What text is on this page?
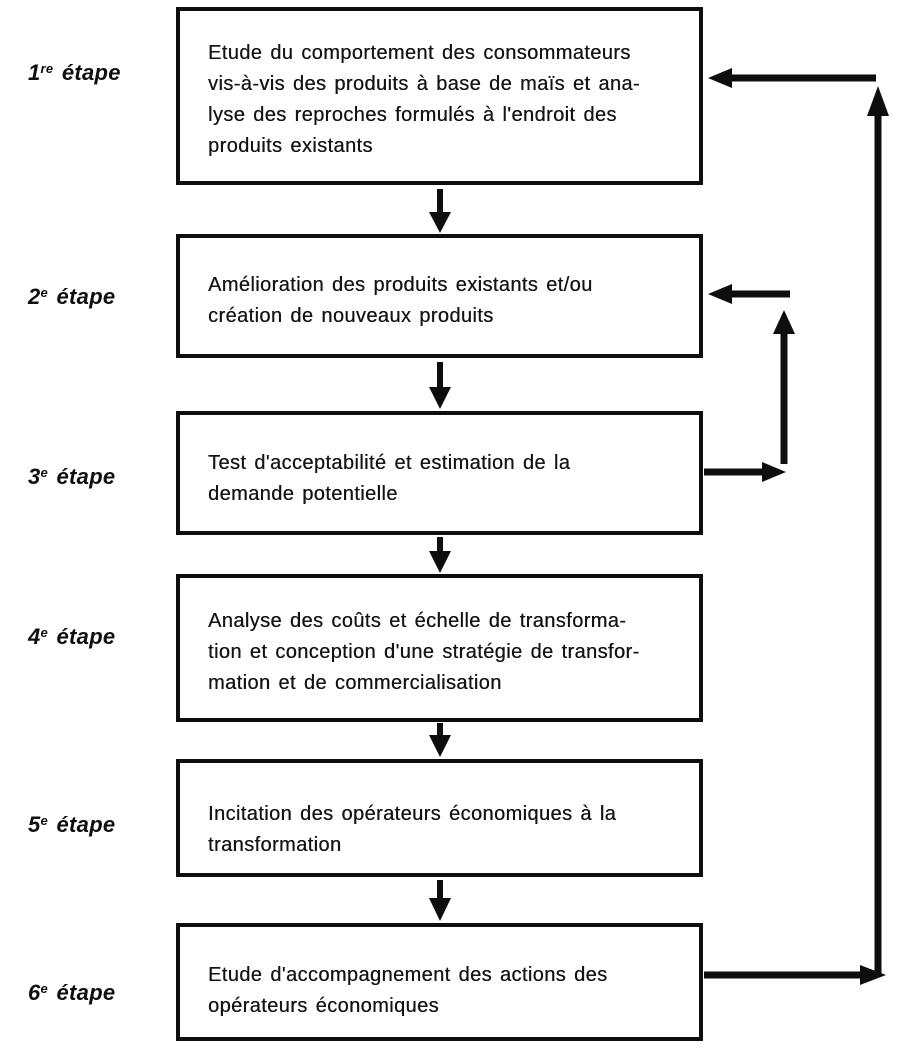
1re étape
2e étape
3e étape
4e étape
5e étape
6e étape
Etude du comportement des consommateurs
vis-à-vis des produits à base de maïs et ana-
lyse des reproches formulés à l'endroit des
produits existants
Amélioration des produits existants et/ou
création de nouveaux produits
Test d'acceptabilité et estimation de la
demande potentielle
Analyse des coûts et échelle de transforma-
tion et conception d'une stratégie de transfor-
mation et de commercialisation
Incitation des opérateurs économiques à la
transformation
Etude d'accompagnement des actions des
opérateurs économiques
